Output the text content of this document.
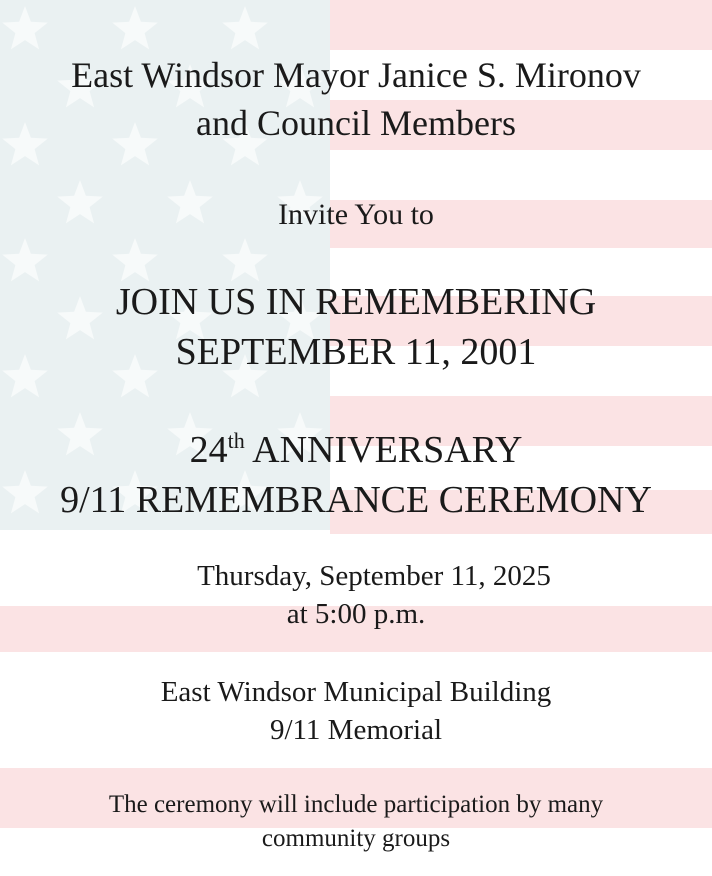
East Windsor Mayor Janice S. Mironov
and Council Members
Invite You to
JOIN US IN REMEMBERING
SEPTEMBER 11, 2001
24th ANNIVERSARY
9/11 REMEMBRANCE CEREMONY
Thursday, September 11, 2025
at 5:00 p.m.
East Windsor Municipal Building
9/11 Memorial
The ceremony will include participation by many
community groups
